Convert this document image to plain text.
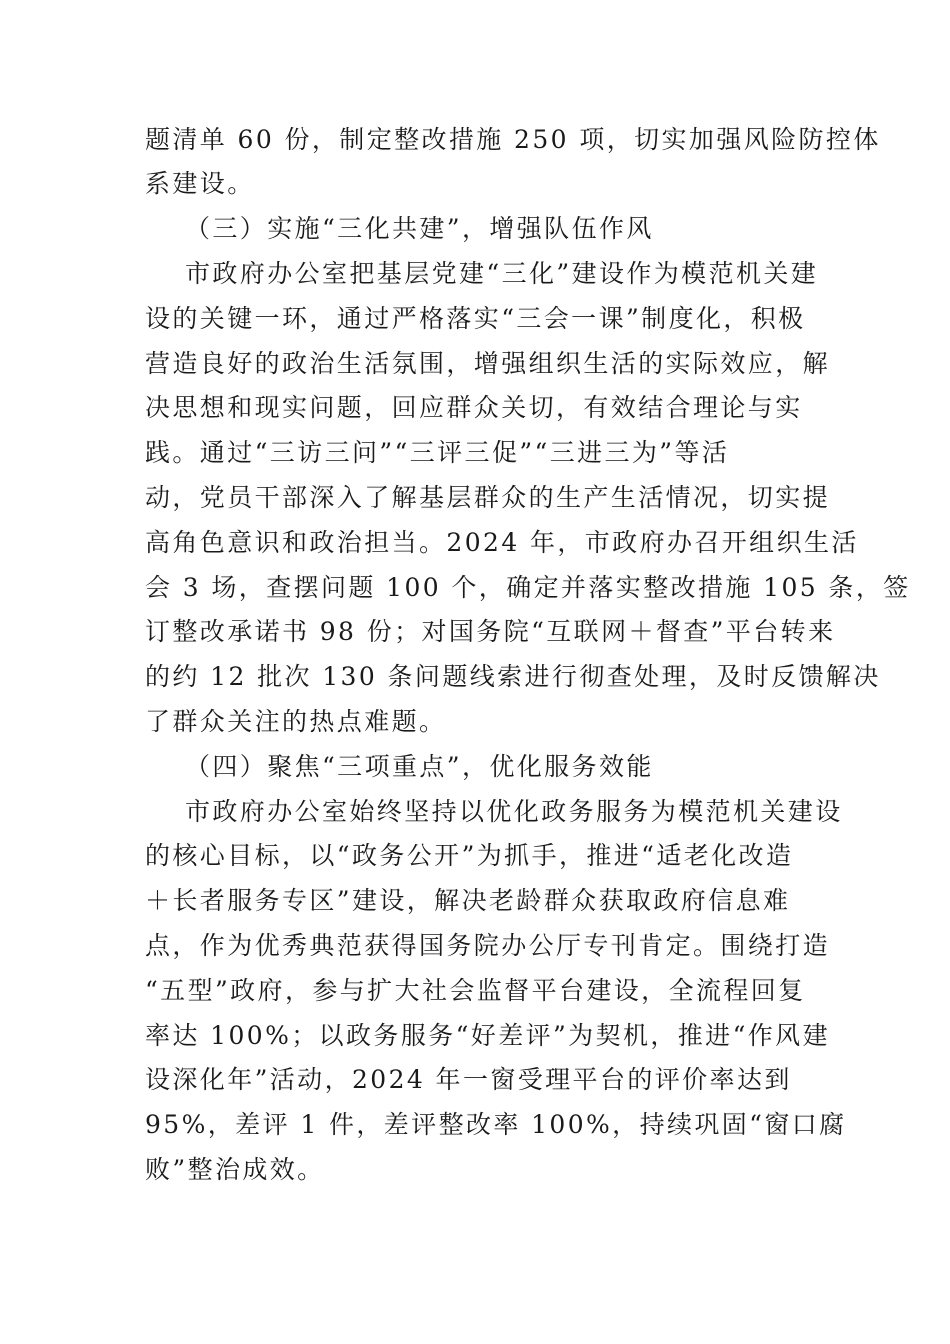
题清单 60 份，制定整改措施 250 项，切实加强风险防控体
系建设。
（三）实施“三化共建”，增强队伍作风
市政府办公室把基层党建“三化”建设作为模范机关建
设的关键一环，通过严格落实“三会一课”制度化，积极
营造良好的政治生活氛围，增强组织生活的实际效应，解
决思想和现实问题，回应群众关切，有效结合理论与实
践。通过“三访三问”“三评三促”“三进三为”等活
动，党员干部深入了解基层群众的生产生活情况，切实提
高角色意识和政治担当。2024 年，市政府办召开组织生活
会 3 场，查摆问题 100 个，确定并落实整改措施 105 条，签
订整改承诺书 98 份；对国务院“互联网＋督查”平台转来
的约 12 批次 130 条问题线索进行彻查处理，及时反馈解决
了群众关注的热点难题。
（四）聚焦“三项重点”，优化服务效能
市政府办公室始终坚持以优化政务服务为模范机关建设
的核心目标，以“政务公开”为抓手，推进“适老化改造
＋长者服务专区”建设，解决老龄群众获取政府信息难
点，作为优秀典范获得国务院办公厅专刊肯定。围绕打造
“五型”政府，参与扩大社会监督平台建设，全流程回复
率达 100%；以政务服务“好差评”为契机，推进“作风建
设深化年”活动，2024 年一窗受理平台的评价率达到
95%，差评 1 件，差评整改率 100%，持续巩固“窗口腐
败”整治成效。
